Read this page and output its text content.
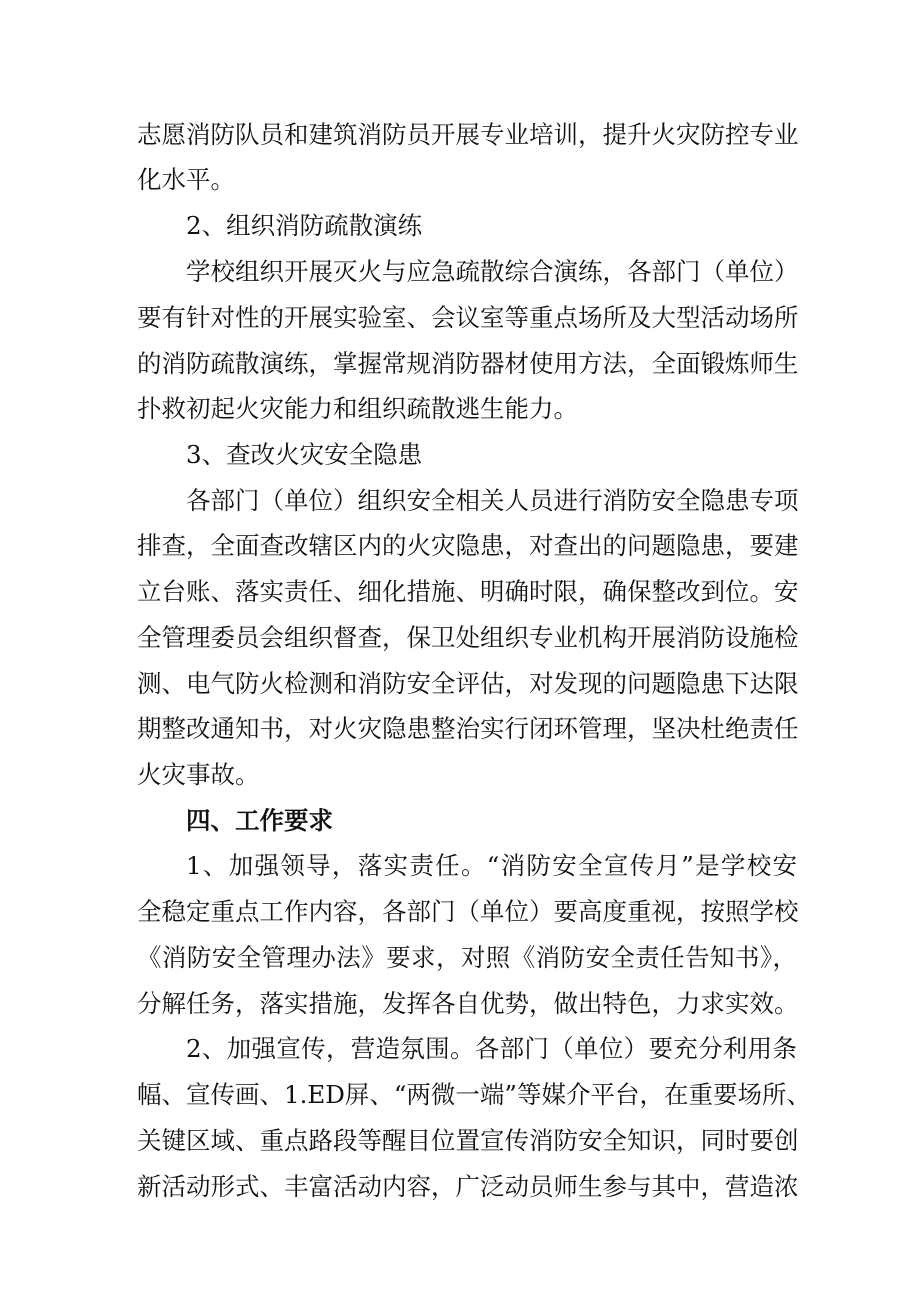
志愿消防队员和建筑消防员开展专业培训，提升火灾防控专业
化水平。
2、组织消防疏散演练
学校组织开展灭火与应急疏散综合演练，各部门（单位）
要有针对性的开展实验室、会议室等重点场所及大型活动场所
的消防疏散演练，掌握常规消防器材使用方法，全面锻炼师生
扑救初起火灾能力和组织疏散逃生能力。
3、查改火灾安全隐患
各部门（单位）组织安全相关人员进行消防安全隐患专项
排查，全面查改辖区内的火灾隐患，对查出的问题隐患，要建
立台账、落实责任、细化措施、明确时限，确保整改到位。安
全管理委员会组织督查，保卫处组织专业机构开展消防设施检
测、电气防火检测和消防安全评估，对发现的问题隐患下达限
期整改通知书，对火灾隐患整治实行闭环管理，坚决杜绝责任
火灾事故。
四、工作要求
1、加强领导，落实责任。“消防安全宣传月”是学校安
全稳定重点工作内容，各部门（单位）要高度重视，按照学校
《消防安全管理办法》要求，对照《消防安全责任告知书》，
分解任务，落实措施，发挥各自优势，做出特色，力求实效。
2、加强宣传，营造氛围。各部门（单位）要充分利用条
幅、宣传画、1.ED屏、“两微一端”等媒介平台，在重要场所、
关键区域、重点路段等醒目位置宣传消防安全知识，同时要创
新活动形式、丰富活动内容，广泛动员师生参与其中，营造浓
